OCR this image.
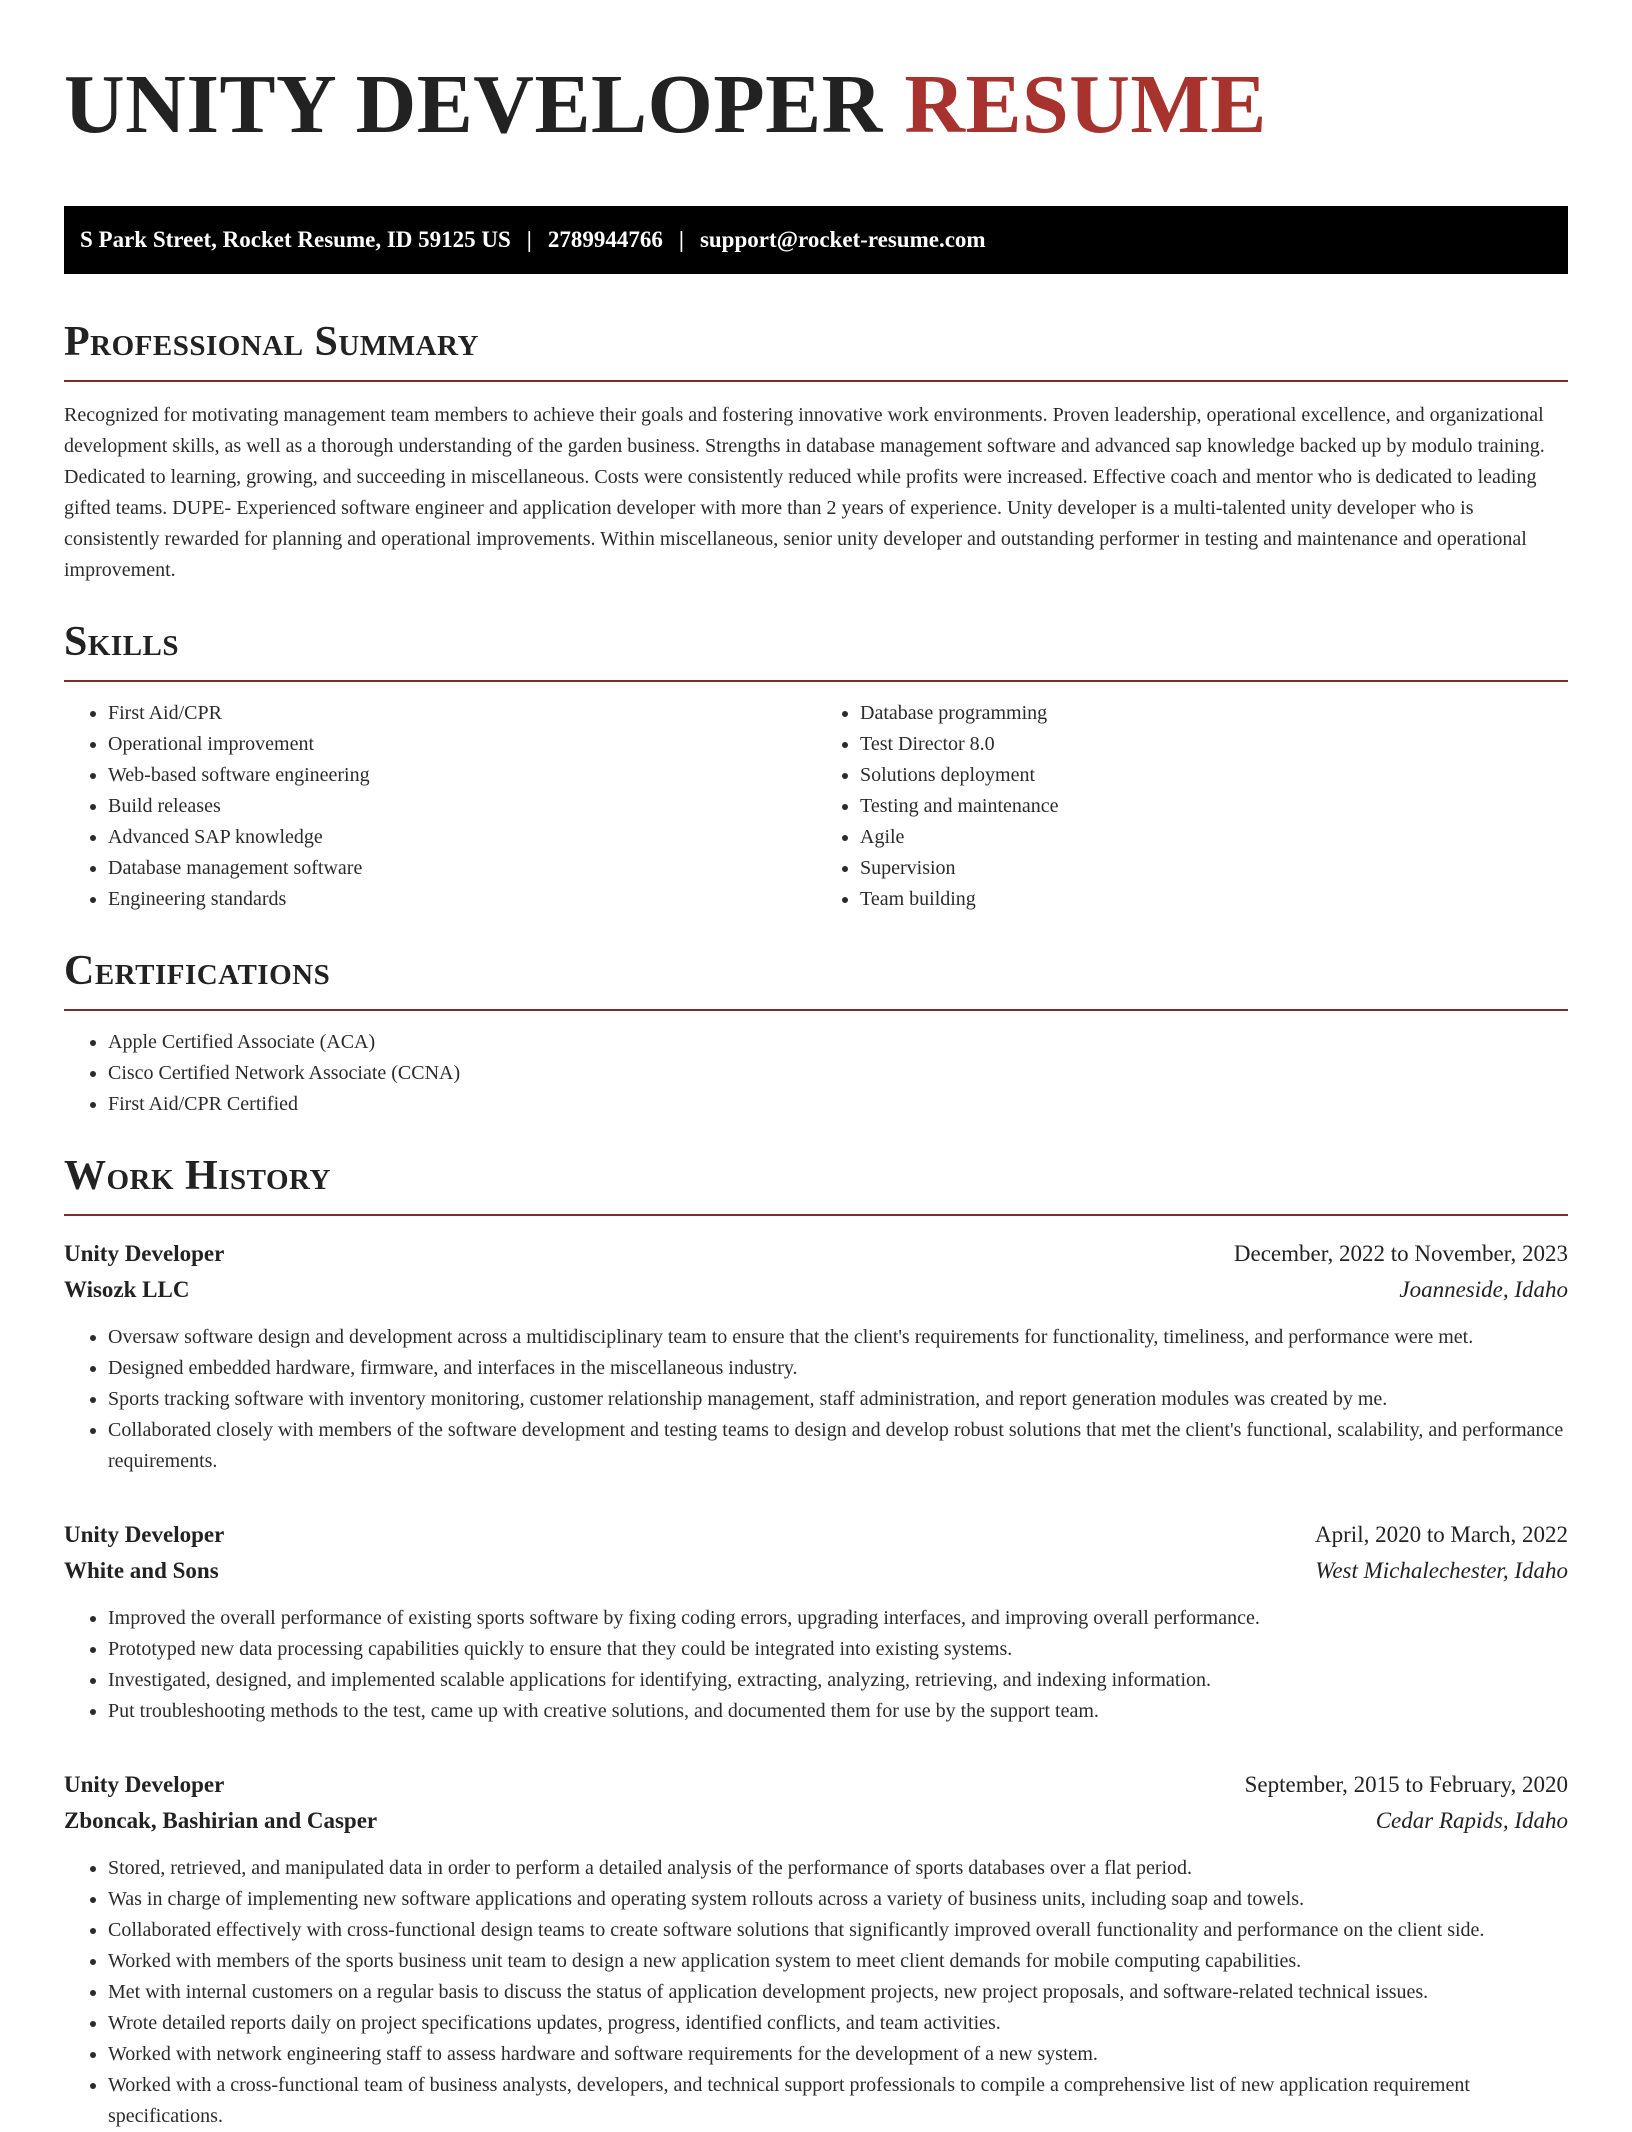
UNITY DEVELOPER RESUME
S Park Street, Rocket Resume, ID 59125 US | 2789944766 | support@rocket-resume.com
Professional Summary

Recognized for motivating management team members to achieve their goals and fostering innovative work environments. Proven leadership, operational excellence, and organizational development skills, as well as a thorough understanding of the garden business. Strengths in database management software and advanced sap knowledge backed up by modulo training. Dedicated to learning, growing, and succeeding in miscellaneous. Costs were consistently reduced while profits were increased. Effective coach and mentor who is dedicated to leading gifted teams. DUPE- Experienced software engineer and application developer with more than 2 years of experience. Unity developer is a multi-talented unity developer who is consistently rewarded for planning and operational improvements. Within miscellaneous, senior unity developer and outstanding performer in testing and maintenance and operational improvement.

Skills
• First Aid/CPR
• Operational improvement
• Web-based software engineering
• Build releases
• Advanced SAP knowledge
• Database management software
• Engineering standards
• Database programming
• Test Director 8.0
• Solutions deployment
• Testing and maintenance
• Agile
• Supervision
• Team building
Certifications
• Apple Certified Associate (ACA)
• Cisco Certified Network Associate (CCNA)
• First Aid/CPR Certified
Work History
Unity Developer	December, 2022 to November, 2023
Wisozk LLC	Joanneside, Idaho
• Oversaw software design and development across a multidisciplinary team to ensure that the client's requirements for functionality, timeliness, and performance were met.
• Designed embedded hardware, firmware, and interfaces in the miscellaneous industry.
• Sports tracking software with inventory monitoring, customer relationship management, staff administration, and report generation modules was created by me.
• Collaborated closely with members of the software development and testing teams to design and develop robust solutions that met the client's functional, scalability, and performance requirements.
Unity Developer	April, 2020 to March, 2022
White and Sons	West Michalechester, Idaho
• Improved the overall performance of existing sports software by fixing coding errors, upgrading interfaces, and improving overall performance.
• Prototyped new data processing capabilities quickly to ensure that they could be integrated into existing systems.
• Investigated, designed, and implemented scalable applications for identifying, extracting, analyzing, retrieving, and indexing information.
• Put troubleshooting methods to the test, came up with creative solutions, and documented them for use by the support team.
Unity Developer	September, 2015 to February, 2020
Zboncak, Bashirian and Casper	Cedar Rapids, Idaho
• Stored, retrieved, and manipulated data in order to perform a detailed analysis of the performance of sports databases over a flat period.
• Was in charge of implementing new software applications and operating system rollouts across a variety of business units, including soap and towels.
• Collaborated effectively with cross-functional design teams to create software solutions that significantly improved overall functionality and performance on the client side.
• Worked with members of the sports business unit team to design a new application system to meet client demands for mobile computing capabilities.
• Met with internal customers on a regular basis to discuss the status of application development projects, new project proposals, and software-related technical issues.
• Wrote detailed reports daily on project specifications updates, progress, identified conflicts, and team activities.
• Worked with network engineering staff to assess hardware and software requirements for the development of a new system.
• Worked with a cross-functional team of business analysts, developers, and technical support professionals to compile a comprehensive list of new application requirement specifications.
